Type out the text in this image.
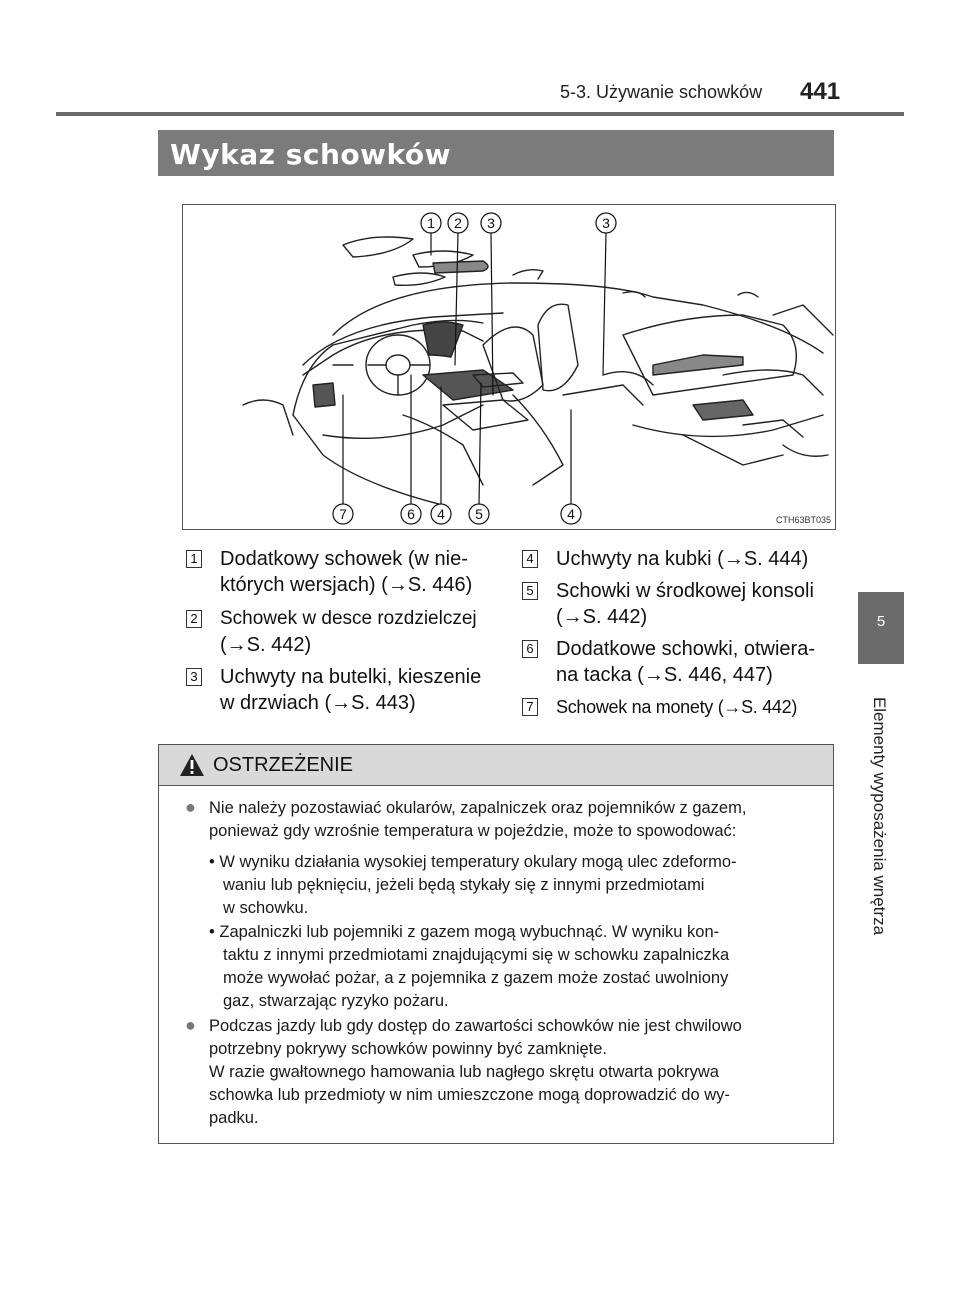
5-3. Używanie schowków 441
5
Elementy wyposażenia wnętrza
Wykaz schowków
1 2 3	3
7	6 4 5	4	CTH63BT035
1 Dodatkowy schowek (w nie-
których wersjach) (→S. 446)
2 Schowek w desce rozdzielczej
(→S. 442)
3 Uchwyty na butelki, kieszenie
w drzwiach (→S. 443)
4 Uchwyty na kubki (→S. 444)
5 Schowki w środkowej konsoli
(→S. 442)
6 Dodatkowe schowki, otwiera-
na tacka (→S. 446, 447)
7 Schowek na monety (→S. 442)
OSTRZEŻENIE
● Nie należy pozostawiać okularów, zapalniczek oraz pojemników z gazem,
ponieważ gdy wzrośnie temperatura w pojeździe, może to spowodować:
• W wyniku działania wysokiej temperatury okulary mogą ulec zdeformo-
waniu lub pęknięciu, jeżeli będą stykały się z innymi przedmiotami
w schowku.
• Zapalniczki lub pojemniki z gazem mogą wybuchnąć. W wyniku kon-
taktu z innymi przedmiotami znajdującymi się w schowku zapalniczka
może wywołać pożar, a z pojemnika z gazem może zostać uwolniony
gaz, stwarzając ryzyko pożaru.
● Podczas jazdy lub gdy dostęp do zawartości schowków nie jest chwilowo
potrzebny pokrywy schowków powinny być zamknięte.
W razie gwałtownego hamowania lub nagłego skrętu otwarta pokrywa
schowka lub przedmioty w nim umieszczone mogą doprowadzić do wy-
padku.
